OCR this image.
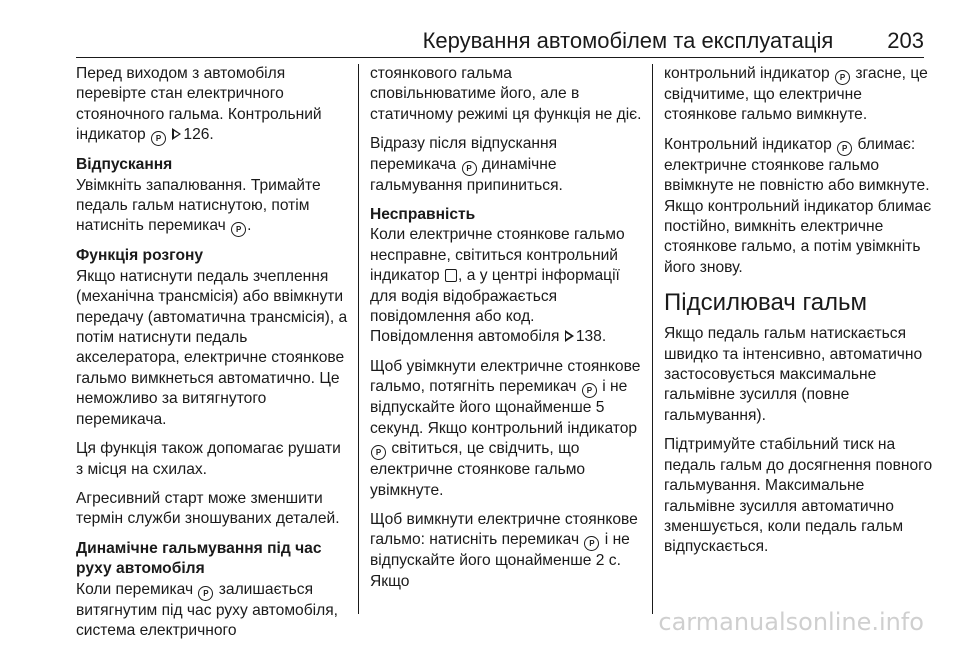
Керування автомобілем та експлуатація 203

Перед виходом з автомобіля перевірте стан електричного стояночного гальма. Контрольний індикатор P 126.

Відпускання

Увімкніть запалювання. Тримайте педаль гальм натиснутою, потім натисніть перемикач P .

Функція розгону

Якщо натиснути педаль зчеплення (механічна трансмісія) або ввімкнути передачу (автоматична трансмісія), а потім натиснути педаль акселератора, електричне стоянкове гальмо вимкнеться автоматично. Це неможливо за витягнутого перемикача.

Ця функція також допомагає рушати з місця на схилах.

Агресивний старт може зменшити термін служби зношуваних деталей.

Динамічне гальмування під час руху автомобіля

Коли перемикач P залишається витягнутим під час руху автомобіля, система електричного

стоянкового гальма сповільнюватиме його, але в статичному режимі ця функція не діє.

Відразу після відпускання перемикача P динамічне гальмування припиниться.

Несправність

Коли електричне стоянкове гальмо несправне, світиться контрольний індикатор , а у центрі інформації для водія відображається повідомлення або код.

Повідомлення автомобіля 138.

Щоб увімкнути електричне стоянкове гальмо, потягніть перемикач P і не відпускайте його щонайменше 5 секунд. Якщо контрольний індикатор P світиться, це свідчить, що електричне стоянкове гальмо увімкнуте.

Щоб вимкнути електричне стоянкове гальмо: натисніть перемикач P і не відпускайте його щонайменше 2 с. Якщо

контрольний індикатор P згасне, це свідчитиме, що електричне стоянкове гальмо вимкнуте.

Контрольний індикатор P блимає: електричне стоянкове гальмо ввімкнуте не повністю або вимкнуте. Якщо контрольний індикатор блимає постійно, вимкніть електричне стоянкове гальмо, а потім увімкніть його знову.

Підсилювач гальм

Якщо педаль гальм натискається швидко та інтенсивно, автоматично застосовується максимальне гальмівне зусилля (повне гальмування).

Підтримуйте стабільний тиск на педаль гальм до досягнення повного гальмування. Максимальне гальмівне зусилля автоматично зменшується, коли педаль гальм відпускається.

carmanualsonline.info
